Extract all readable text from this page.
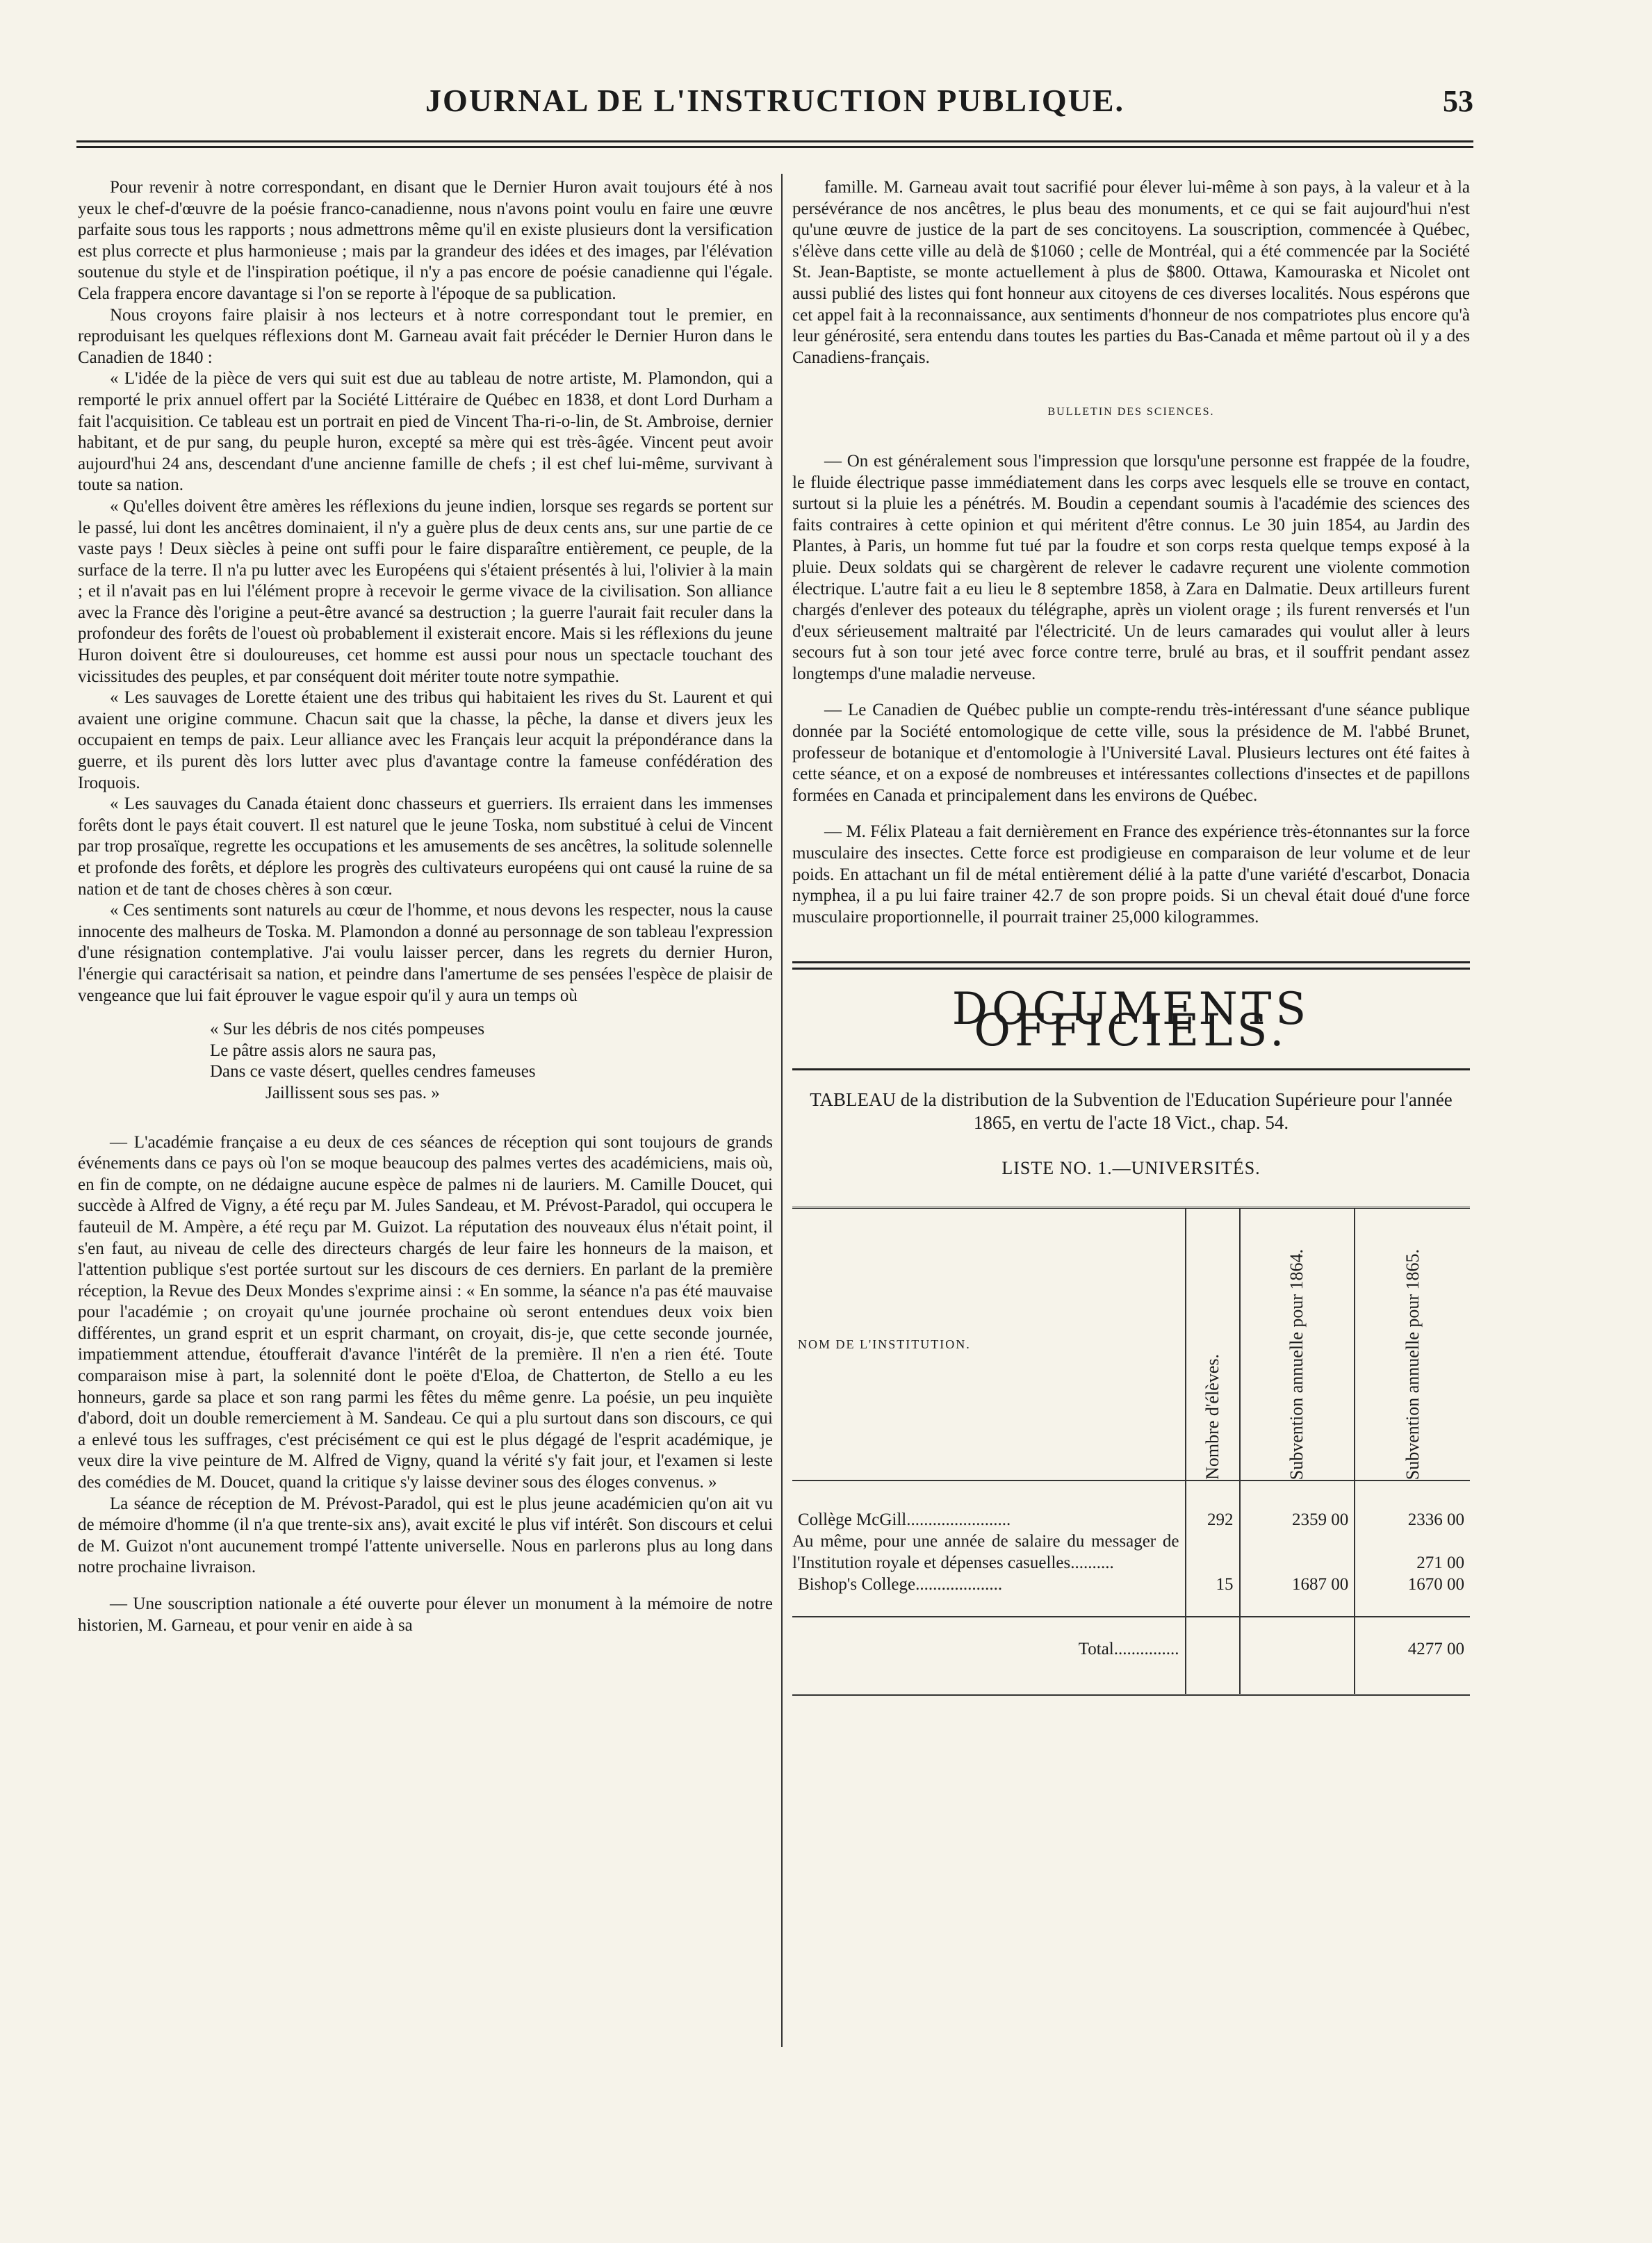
JOURNAL DE L'INSTRUCTION PUBLIQUE.	53

Pour revenir à notre correspondant, en disant que le Dernier Huron avait toujours été à nos yeux le chef-d'œuvre de la poésie franco-canadienne, nous n'avons point voulu en faire une œuvre parfaite sous tous les rapports ; nous admettrons même qu'il en existe plusieurs dont la versification est plus correcte et plus harmonieuse ; mais par la grandeur des idées et des images, par l'élévation soutenue du style et de l'inspiration poétique, il n'y a pas encore de poésie canadienne qui l'égale. Cela frappera encore davantage si l'on se reporte à l'époque de sa publication.

Nous croyons faire plaisir à nos lecteurs et à notre correspondant tout le premier, en reproduisant les quelques réflexions dont M. Garneau avait fait précéder le Dernier Huron dans le Canadien de 1840 :

« L'idée de la pièce de vers qui suit est due au tableau de notre artiste, M. Plamondon, qui a remporté le prix annuel offert par la Société Littéraire de Québec en 1838, et dont Lord Durham a fait l'acquisition. Ce tableau est un portrait en pied de Vincent Tha-ri-o-lin, de St. Ambroise, dernier habitant, et de pur sang, du peuple huron, excepté sa mère qui est très-âgée. Vincent peut avoir aujourd'hui 24 ans, descendant d'une ancienne famille de chefs ; il est chef lui-même, survivant à toute sa nation.

« Qu'elles doivent être amères les réflexions du jeune indien, lorsque ses regards se portent sur le passé, lui dont les ancêtres dominaient, il n'y a guère plus de deux cents ans, sur une partie de ce vaste pays ! Deux siècles à peine ont suffi pour le faire disparaître entièrement, ce peuple, de la surface de la terre. Il n'a pu lutter avec les Européens qui s'étaient présentés à lui, l'olivier à la main ; et il n'avait pas en lui l'élément propre à recevoir le germe vivace de la civilisation. Son alliance avec la France dès l'origine a peut-être avancé sa destruction ; la guerre l'aurait fait reculer dans la profondeur des forêts de l'ouest où probablement il existerait encore. Mais si les réflexions du jeune Huron doivent être si douloureuses, cet homme est aussi pour nous un spectacle touchant des vicissitudes des peuples, et par conséquent doit mériter toute notre sympathie.

« Les sauvages de Lorette étaient une des tribus qui habitaient les rives du St. Laurent et qui avaient une origine commune. Chacun sait que la chasse, la pêche, la danse et divers jeux les occupaient en temps de paix. Leur alliance avec les Français leur acquit la prépondérance dans la guerre, et ils purent dès lors lutter avec plus d'avantage contre la fameuse confédération des Iroquois.

« Les sauvages du Canada étaient donc chasseurs et guerriers. Ils erraient dans les immenses forêts dont le pays était couvert. Il est naturel que le jeune Toska, nom substitué à celui de Vincent par trop prosaïque, regrette les occupations et les amusements de ses ancêtres, la solitude solennelle et profonde des forêts, et déplore les progrès des cultivateurs européens qui ont causé la ruine de sa nation et de tant de choses chères à son cœur.

« Ces sentiments sont naturels au cœur de l'homme, et nous devons les respecter, nous la cause innocente des malheurs de Toska. M. Plamondon a donné au personnage de son tableau l'expression d'une résignation contemplative. J'ai voulu laisser percer, dans les regrets du dernier Huron, l'énergie qui caractérisait sa nation, et peindre dans l'amertume de ses pensées l'espèce de plaisir de vengeance que lui fait éprouver le vague espoir qu'il y aura un temps où

« Sur les débris de nos cités pompeuses
Le pâtre assis alors ne saura pas,
Dans ce vaste désert, quelles cendres fameuses
Jaillissent sous ses pas. »

— L'académie française a eu deux de ces séances de réception qui sont toujours de grands événements dans ce pays où l'on se moque beaucoup des palmes vertes des académiciens, mais où, en fin de compte, on ne dédaigne aucune espèce de palmes ni de lauriers. M. Camille Doucet, qui succède à Alfred de Vigny, a été reçu par M. Jules Sandeau, et M. Prévost-Paradol, qui occupera le fauteuil de M. Ampère, a été reçu par M. Guizot. La réputation des nouveaux élus n'était point, il s'en faut, au niveau de celle des directeurs chargés de leur faire les honneurs de la maison, et l'attention publique s'est portée surtout sur les discours de ces derniers. En parlant de la première réception, la Revue des Deux Mondes s'exprime ainsi : « En somme, la séance n'a pas été mauvaise pour l'académie ; on croyait qu'une journée prochaine où seront entendues deux voix bien différentes, un grand esprit et un esprit charmant, on croyait, dis-je, que cette seconde journée, impatiemment attendue, étoufferait d'avance l'intérêt de la première. Il n'en a rien été. Toute comparaison mise à part, la solennité dont le poëte d'Eloa, de Chatterton, de Stello a eu les honneurs, garde sa place et son rang parmi les fêtes du même genre. La poésie, un peu inquiète d'abord, doit un double remerciement à M. Sandeau. Ce qui a plu surtout dans son discours, ce qui a enlevé tous les suffrages, c'est précisément ce qui est le plus dégagé de l'esprit académique, je veux dire la vive peinture de M. Alfred de Vigny, quand la vérité s'y fait jour, et l'examen si leste des comédies de M. Doucet, quand la critique s'y laisse deviner sous des éloges convenus. »

La séance de réception de M. Prévost-Paradol, qui est le plus jeune académicien qu'on ait vu de mémoire d'homme (il n'a que trente-six ans), avait excité le plus vif intérêt. Son discours et celui de M. Guizot n'ont aucunement trompé l'attente universelle. Nous en parlerons plus au long dans notre prochaine livraison.

— Une souscription nationale a été ouverte pour élever un monument à la mémoire de notre historien, M. Garneau, et pour venir en aide à sa

famille. M. Garneau avait tout sacrifié pour élever lui-même à son pays, à la valeur et à la persévérance de nos ancêtres, le plus beau des monuments, et ce qui se fait aujourd'hui n'est qu'une œuvre de justice de la part de ses concitoyens. La souscription, commencée à Québec, s'élève dans cette ville au delà de $1060 ; celle de Montréal, qui a été commencée par la Société St. Jean-Baptiste, se monte actuellement à plus de $800. Ottawa, Kamouraska et Nicolet ont aussi publié des listes qui font honneur aux citoyens de ces diverses localités. Nous espérons que cet appel fait à la reconnaissance, aux sentiments d'honneur de nos compatriotes plus encore qu'à leur générosité, sera entendu dans toutes les parties du Bas-Canada et même partout où il y a des Canadiens-français.

BULLETIN DES SCIENCES.

— On est généralement sous l'impression que lorsqu'une personne est frappée de la foudre, le fluide électrique passe immédiatement dans les corps avec lesquels elle se trouve en contact, surtout si la pluie les a pénétrés. M. Boudin a cependant soumis à l'académie des sciences des faits contraires à cette opinion et qui méritent d'être connus. Le 30 juin 1854, au Jardin des Plantes, à Paris, un homme fut tué par la foudre et son corps resta quelque temps exposé à la pluie. Deux soldats qui se chargèrent de relever le cadavre reçurent une violente commotion électrique. L'autre fait a eu lieu le 8 septembre 1858, à Zara en Dalmatie. Deux artilleurs furent chargés d'enlever des poteaux du télégraphe, après un violent orage ; ils furent renversés et l'un d'eux sérieusement maltraité par l'électricité. Un de leurs camarades qui voulut aller à leurs secours fut à son tour jeté avec force contre terre, brulé au bras, et il souffrit pendant assez longtemps d'une maladie nerveuse.

— Le Canadien de Québec publie un compte-rendu très-intéressant d'une séance publique donnée par la Société entomologique de cette ville, sous la présidence de M. l'abbé Brunet, professeur de botanique et d'entomologie à l'Université Laval. Plusieurs lectures ont été faites à cette séance, et on a exposé de nombreuses et intéressantes collections d'insectes et de papillons formées en Canada et principalement dans les environs de Québec.

— M. Félix Plateau a fait dernièrement en France des expérience très-étonnantes sur la force musculaire des insectes. Cette force est prodigieuse en comparaison de leur volume et de leur poids. En attachant un fil de métal entièrement délié à la patte d'une variété d'escarbot, Donacia nymphea, il a pu lui faire trainer 42.7 de son propre poids. Si un cheval était doué d'une force musculaire proportionnelle, il pourrait trainer 25,000 kilogrammes.

DOCUMENTS OFFICIELS.
TABLEAU de la distribution de la Subvention de l'Education Supérieure pour l'année 1865, en vertu de l'acte 18 Vict., chap. 54.
LISTE NO. 1.—UNIVERSITÉS.
NOM DE L'INSTITUTION.	Nombre d'élèves.	Subvention annuelle pour 1864.	Subvention annuelle pour 1865.

Collège McGill........................	292	2359 00	2336 00
Au même, pour une année de salaire du messager de l'Institution royale et dépenses casuelles..........			271 00
Bishop's College....................	15	1687 00	1670 00

Total...............			4277 00
